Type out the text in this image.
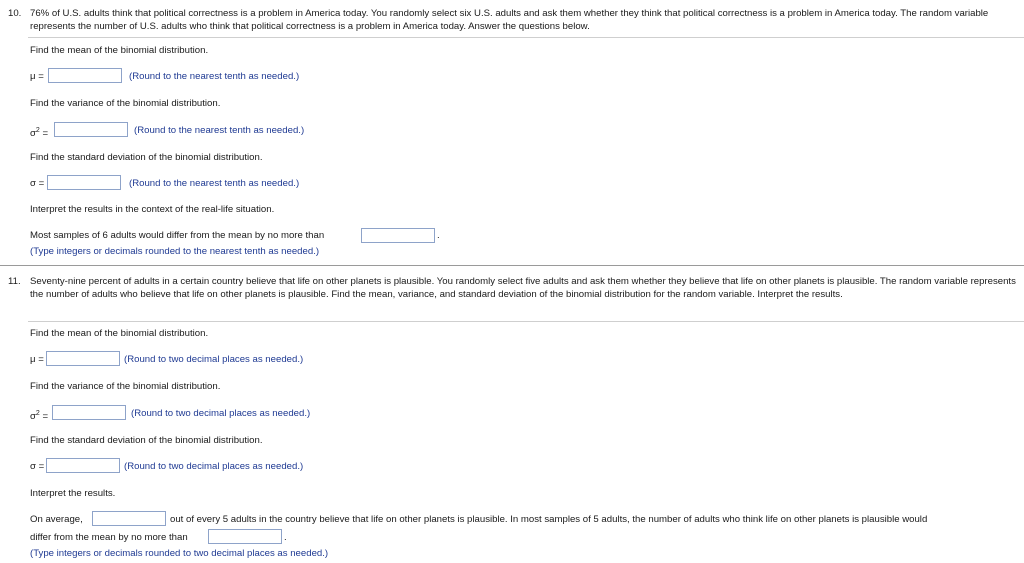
10. 76% of U.S. adults think that political correctness is a problem in America today. You randomly select six U.S. adults and ask them whether they think that political correctness is a problem in America today. The random variable represents the number of U.S. adults who think that political correctness is a problem in America today. Answer the questions below.
Find the mean of the binomial distribution.
μ =	(Round to the nearest tenth as needed.)
Find the variance of the binomial distribution.
$\sigma^2$ =	(Round to the nearest tenth as needed.)
Find the standard deviation of the binomial distribution.
σ =	(Round to the nearest tenth as needed.)
Interpret the results in the context of the real-life situation.
Most samples of 6 adults would differ from the mean by no more than	.
(Type integers or decimals rounded to the nearest tenth as needed.)
11. Seventy-nine percent of adults in a certain country believe that life on other planets is plausible. You randomly select five adults and ask them whether they believe that life on other planets is plausible. The random variable represents the number of adults who believe that life on other planets is plausible. Find the mean, variance, and standard deviation of the binomial distribution for the random variable. Interpret the results.
Find the mean of the binomial distribution.
μ =	(Round to two decimal places as needed.)
Find the variance of the binomial distribution.
$\sigma^2$ =	(Round to two decimal places as needed.)
Find the standard deviation of the binomial distribution.
σ =	(Round to two decimal places as needed.)
Interpret the results.
On average,	out of every 5 adults in the country believe that life on other planets is plausible. In most samples of 5 adults, the number of adults who think life on other planets is plausible would
differ from the mean by no more than	.
(Type integers or decimals rounded to two decimal places as needed.)
